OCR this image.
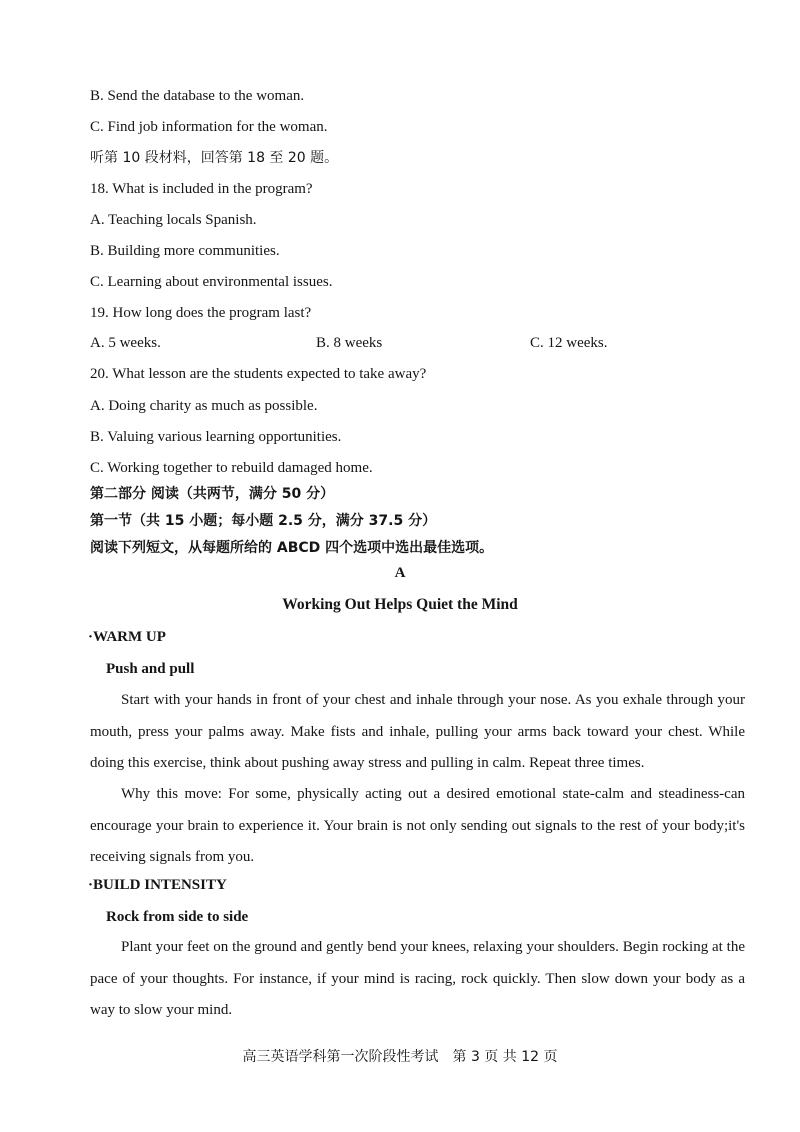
B. Send the database to the woman.
C. Find job information for the woman.
听第 10 段材料，回答第 18 至 20 题。
18. What is included in the program?
A. Teaching locals Spanish.
B. Building more communities.
C. Learning about environmental issues.
19. How long does the program last?
A. 5 weeks.	B. 8 weeks	C. 12 weeks.
20. What lesson are the students expected to take away?
A. Doing charity as much as possible.
B. Valuing various learning opportunities.
C. Working together to rebuild damaged home.
第二部分 阅读（共两节，满分 50 分）
第一节（共 15 小题；每小题 2.5 分，满分 37.5 分）
阅读下列短文，从每题所给的 ABCD 四个选项中选出最佳选项。
A
Working Out Helps Quiet the Mind
·WARM UP
Push and pull
Start with your hands in front of your chest and inhale through your nose. As you exhale through your mouth, press your palms away. Make fists and inhale, pulling your arms back toward your chest. While doing this exercise, think about pushing away stress and pulling in calm. Repeat three times.
Why this move: For some, physically acting out a desired emotional state-calm and steadiness-can encourage your brain to experience it. Your brain is not only sending out signals to the rest of your body;it's receiving signals from you.
·BUILD INTENSITY
Rock from side to side
Plant your feet on the ground and gently bend your knees, relaxing your shoulders. Begin rocking at the pace of your thoughts. For instance, if your mind is racing, rock quickly. Then slow down your body as a way to slow your mind.
高三英语学科第一次阶段性考试　第 3 页 共 12 页
